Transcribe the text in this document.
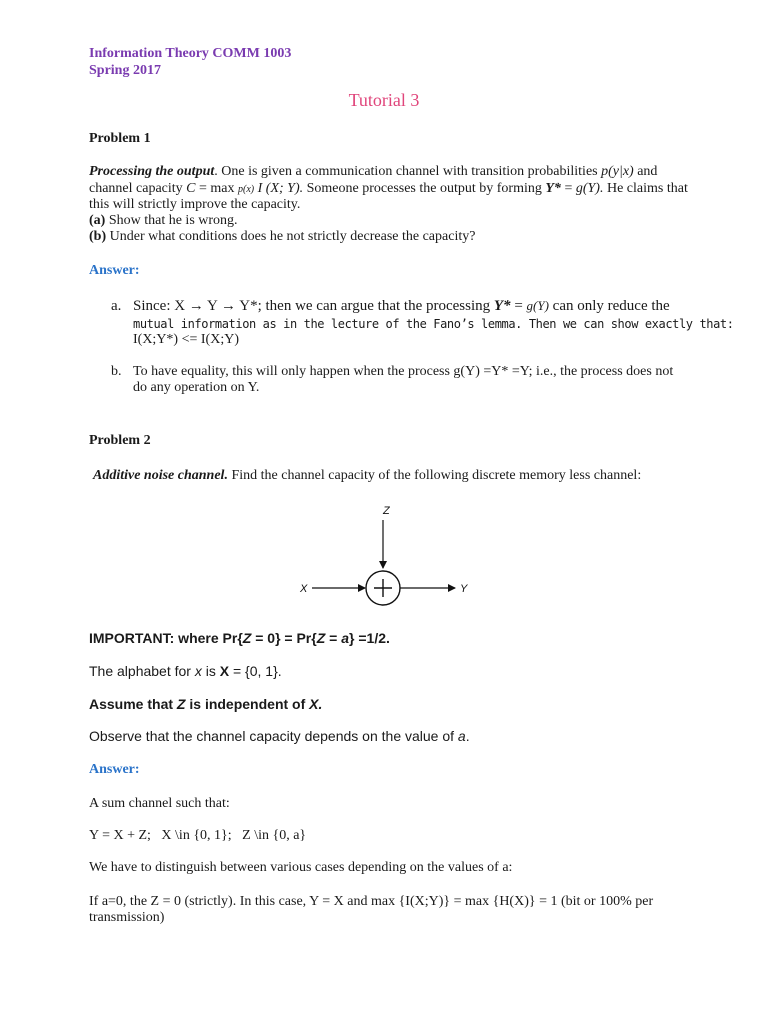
Information Theory COMM 1003
Spring 2017
Tutorial 3
Problem 1
Processing the output. One is given a communication channel with transition probabilities p(y|x) and
channel capacity C = max p(x) I (X; Y). Someone processes the output by forming Y* = g(Y). He claims that
this will strictly improve the capacity.
(a) Show that he is wrong.
(b) Under what conditions does he not strictly decrease the capacity?
Answer:
a. Since: X → Y → Y*; then we can argue that the processing Y* = g(Y) can only reduce the
mutual information as in the lecture of the Fano’s lemma. Then we can show exactly that:
I(X;Y*) <= I(X;Y)
b. To have equality, this will only happen when the process g(Y) =Y* =Y; i.e., the process does not
do any operation on Y.
Problem 2
Additive noise channel. Find the channel capacity of the following discrete memory less channel:
Z
X	Y
IMPORTANT: where Pr{Z = 0} = Pr{Z = a} =1/2.
The alphabet for x is X = {0, 1}.
Assume that Z is independent of X.
Observe that the channel capacity depends on the value of a.
Answer:
A sum channel such that:
Y = X + Z;   X \in {0, 1};   Z \in {0, a}
We have to distinguish between various cases depending on the values of a:
If a=0, the Z = 0 (strictly). In this case, Y = X and max {I(X;Y)} = max {H(X)} = 1 (bit or 100% per
transmission)
